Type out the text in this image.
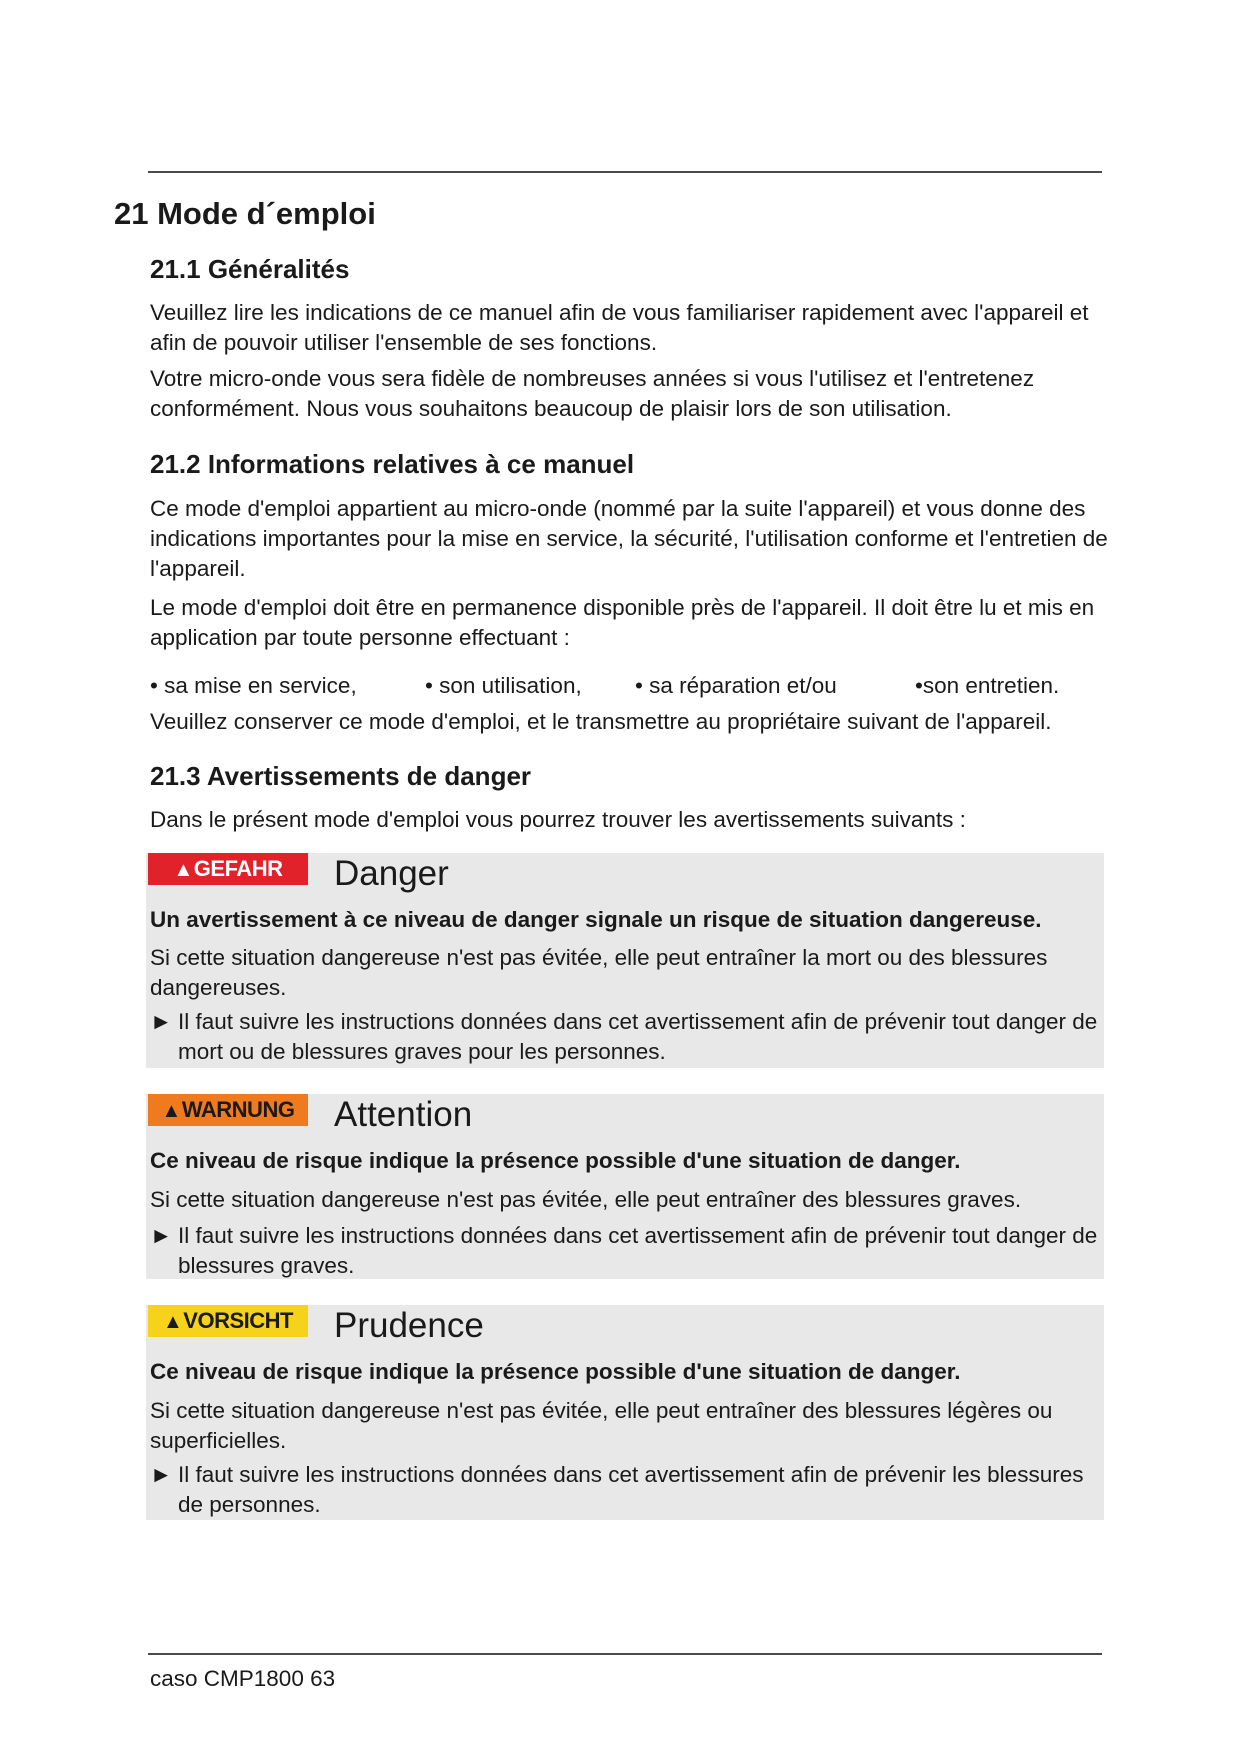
21 Mode d´emploi
21.1 Généralités

Veuillez lire les indications de ce manuel afin de vous familiariser rapidement avec l'appareil et afin de pouvoir utiliser l'ensemble de ses fonctions.

Votre micro-onde vous sera fidèle de nombreuses années si vous l'utilisez et l'entretenez conformément. Nous vous souhaitons beaucoup de plaisir lors de son utilisation.

21.2 Informations relatives à ce manuel

Ce mode d'emploi appartient au micro-onde (nommé par la suite l'appareil) et vous donne des indications importantes pour la mise en service, la sécurité, l'utilisation conforme et l'entretien de l'appareil.

Le mode d'emploi doit être en permanence disponible près de l'appareil. Il doit être lu et mis en application par toute personne effectuant :

• sa mise en service,	• son utilisation, • sa réparation et/ou	•son entretien.

Veuillez conserver ce mode d'emploi, et le transmettre au propriétaire suivant de l'appareil.

21.3 Avertissements de danger

Dans le présent mode d'emploi vous pourrez trouver les avertissements suivants :

▲GEFAHR	Danger
Un avertissement à ce niveau de danger signale un risque de situation dangereuse.
Si cette situation dangereuse n'est pas évitée, elle peut entraîner la mort ou des blessures dangereuses.
► Il faut suivre les instructions données dans cet avertissement afin de prévenir tout danger de mort ou de blessures graves pour les personnes.
▲WARNUNG	Attention
Ce niveau de risque indique la présence possible d'une situation de danger.
Si cette situation dangereuse n'est pas évitée, elle peut entraîner des blessures graves.
► Il faut suivre les instructions données dans cet avertissement afin de prévenir tout danger de blessures graves.
▲VORSICHT	Prudence
Ce niveau de risque indique la présence possible d'une situation de danger.
Si cette situation dangereuse n'est pas évitée, elle peut entraîner des blessures légères ou superficielles.
► Il faut suivre les instructions données dans cet avertissement afin de prévenir les blessures de personnes.
caso CMP1800 63
